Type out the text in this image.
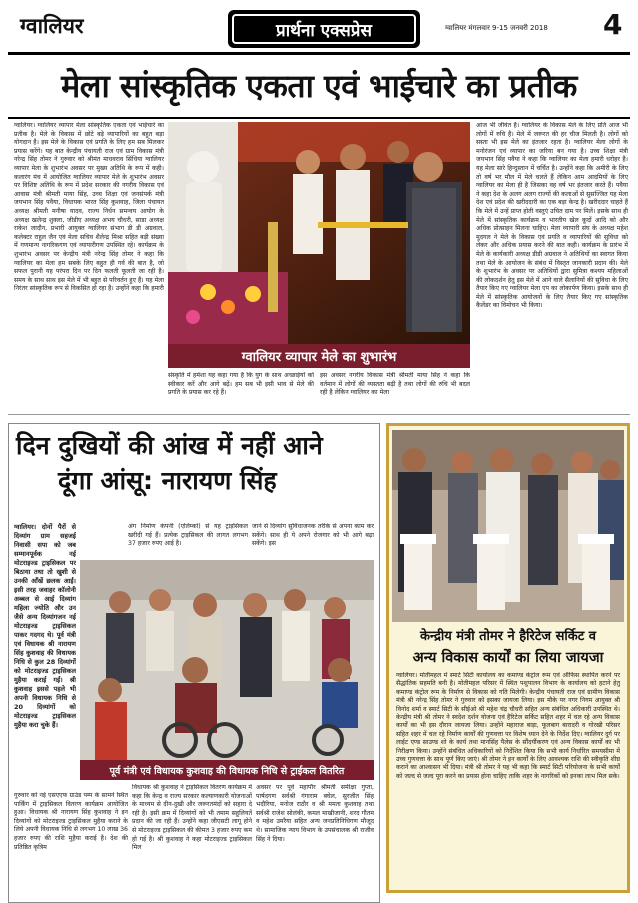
ग्वालियर	प्रार्थना एक्सप्रेस	ग्वालियर मंगलवार 9-15 जनवरी 2018 4
मेला सांस्कृतिक एकता एवं भाईचारे का प्रतीक
ग्वालियर। ग्वालियर व्यापार मेला सांस्कृतिक एकता एवं भाईचारे का प्रतीक है। मेले के विकास में छोटे बड़े व्यापारियों का बहुत बड़ा योगदान है। इस मेले के विकास एवं प्रगति के लिए हम सब मिलकर प्रयास करेंगे। यह बात केन्द्रीय पंचायती राज एवं ग्राम विकास मंत्री नरेन्द्र सिंह तोमर ने गुरुवार को श्रीमंत माधवराव सिंधिया ग्वालियर व्यापार मेला के शुभारंभ अवसर पर मुख्य अतिथि के रूप में कही। कलारंग मंच में आयोजित ग्वालियर व्यापार मेले के शुभारंभ अवसर पर विशिष्ट अतिथि के रूप में प्रदेश सरकार की नगरीय विकास एवं आवास मंत्री श्रीमती माया सिंह, उच्च शिक्षा एवं जनसंपर्क मंत्री जयभान सिंह पवैया, विधायक भारत सिंह कुशवाह, जिला पंचायत अध्यक्ष श्रीमती मनीषा यादव, राज्य निर्धन समन्वय आयोग के अध्यक्ष खलेन्द्र शुक्ला, जीडीए अध्यक्ष अभय चौधरी, साडा अध्यक्ष राकेश जादौन, प्रभारी आयुक्त ग्वालियर संभाग डी डी अग्रवाल, कलेक्टर राहुल जैन एवं मेला सचिव शैलेन्द्र मिश्रा सहित बड़ी संख्या में गणमान्य नागरिकगण एवं व्यापारीगण उपस्थित रहे। कार्यक्रम के शुभारंभ अवसर पर केन्द्रीय मंत्री नरेन्द्र सिंह तोमर ने कहा कि ग्वालियर का मेला हम सबके लिए बहुत ही गर्व की बात है, जो सफल पुरानी यह परंपरा दिन पर दिन फलती फूलती जा रही है। समय के साथ साथ इस मेले में भी बहुत से परिवर्तन हुए हैं। यह मेला निरंतर सांस्कृतिक रूप से विकसित हो रहा है। उन्होंने कहा कि हमारी
ग्वालियर व्यापार मेले का शुभारंभ
संस्कृति में हमेशा यह कहा गया है कि युग के साथ अच्छाईयों को स्वीकार करें और आगे बढ़ें। हम सब भी इसी भाव से मेले की प्रगति के प्रयास कर रहे हैं।
इस अवसर नगरीय विकास मंत्री श्रीमती माया सिंह ने कहा कि वर्तमान में लोगों की व्यस्तता बढ़ी है तथा लोगों की रुचि भी बदल रही है लेकिन ग्वालियर का मेला
आज भी जीवंत है। ग्वालियर के विकास मेले के लिए प्रति आज भी लोगों में रुचि है। मेले में जरूरत की हर चीज मिलती है। लोगों को सस्ता भी इस मेले का इंतजार रहता है। ग्वालियर मेला लोगों के मनोरंजन एवं व्यापार का जरिया बन गया है। उच्च शिक्षा मंत्री जयभान सिंह पवैया ने कहा कि ग्वालियर का मेला हमारी धरोहर है। यह मेला सारे हिन्दुस्तान में चर्चित है। उन्होंने कहा कि अमीरी के लिए तो वर्ष भर मौल में मेले चलते हैं लेकिन आम आदमियों के लिए ग्वालियर का मेला ही है जिसका वह वर्ष भर इंतजार करते हैं। पवैया ने कहा देश के अलग अलग राज्यों की कलाओं से सुसज्जित यह मेला देश एवं प्रदेश की खरीददारी का एक बड़ा केन्द्र है। खरीददार चाहते हैं कि मेले में उन्हें प्राप्त होती वस्तुएं उचित दाम पर मिलें। इसके साथ ही मेले में सांस्कृतिक कार्यक्रम व भारतीय खेल कूदों आदि को और अधिक प्रोत्साहन मिलना चाहिए। मेला व्यापारी संघ के अध्यक्ष महेश मुदगल ने मेले के विकास एवं प्रगति व व्यापारियों की सुविधा को लेकर और अधिक प्रयास करने की बात कही। कार्यक्रम के प्रारंभ में मेले के कार्यकारी अध्यक्ष डीडी अग्रवाल ने अतिथियों का स्वागत किया तथा मेले के आयोजन के संबंध में विस्तृत जानकारी प्रदान की। मेले के शुभारंभ के अवसर पर अतिथियों द्वारा सुमित्रा कश्यप महिलाओं की लोकदर्शन हेतु इस मेले में आने वाले सैलानियों की सुविधा के लिए तैयार किए गए ग्वालियर मेला एप का लोकार्पण किया। इसके साथ ही मेले में सांस्कृतिक आयोजनों के लिए तैयार किए गए सांस्कृतिक कैलेंडर का विमोचन भी किया।
दिन दुखियों की आंख में नहीं आने
दूंगा आंसू: नारायण सिंह
ग्वालियर। दोनों पैरों से दिव्यांग ग्राम सहजई निवासी सपा को जब सम्मानपूर्वक नई मोटराइज्ड ट्राइसिकल पर बिठाया तथा तो खुशी से उनकी आँखें छलक आईं। इसी तरह जवाहर कॉलोनी अब्बल से आई दिव्यांग महिला ज्योति और उन जैसे अन्य दिव्यांगजन नई मोटराइज्ड ट्राइसिकल पाकर गदगद थे। पूर्व मंत्री एवं विधायक श्री नारायण सिंह कुशवाह की विधायक निधि से कुल 28 दिव्यांगों को मोटराइज्ड ट्राइसिकल मुहैया कराई गईं। श्री कुशवाह इससे पहले भी अपनी विधायक निधि से 20 दिव्यांगों को मोटराइज्ड ट्राइसिकल मुहैया करा चुके हैं।
अंग निर्माण कंपनी (एलिम्को) से यह ट्राइसिकल खरीदी गई हैं। प्रत्येक ट्राइसिकल की लागत लगभग 37 हजार रुपए आई है।
जाने से दिव्यांग सुविधाजनक तरीके से अपना काम कर सकेंगे। साथ ही ये अपने रोजगार को भी आगे बढ़ा सकेंगे। इस
पूर्व मंत्री एवं विधायक कुशवाह की विधायक निधि से ट्राईकल वितरित
गुरुवार को नई एसएएफ ग्राउंड पम्प के सामने स्थित पार्किंग में ट्राइसिकल वितरण कार्यक्रम आयोजित हुआ। विधायक श्री नारायण सिंह कुशवाह ने इन दिव्यांगों को मोटराइज्ड ट्राइसिकल मुहैया कराने के लिये अपनी विधायक निधि से लगभग 10 लाख 36 हजार रुपए की राशि मुहैया कराई है। देश की प्रतिष्ठित कृत्रिम
विधायक श्री कुशवाह ने ट्राइसिकल वितरण कार्यक्रम में कहा कि केन्द्र व राज्य सरकार कल्याणकारी योजनाओं के माध्यम से दीन-दुखी और जरूरतमंदों को सहारा दे रही है। इसी क्रम में दिव्यांगों को भी तमाम सहूलियतें प्रदान की जा रही हैं। उन्होंने कहा जीएसटी लागू होने से मोटराइज्ड ट्राइसिकल की कीमत 3 हजार रुपए कम हो गई है। श्री कुशवाह ने कहा मोटराइज्ड ट्राइसिकल मिल
अवसर पर पूर्व महापौर श्रीमती समीक्षा गुप्ता, पार्षदगण सर्वश्री गंगाराम बघेल, सुरजीत सिंह भदौरिया, मनोज राठौर व श्री ममता कुशवाह तथा सर्वश्री राजेश सोलंकी, कमल माखीजानी, शरद गौतम व महेश उमरैया सहित अन्य जनप्रतिनिधिगण मौजूद थे। सामाजिक न्याय विभाग के उपसंचालक श्री राजीव सिंह ने दिया।
केन्द्रीय मंत्री तोमर ने हैरिटेज सर्किट व
अन्य विकास कार्यों का लिया जायजा
ग्वालियर। मोतीमहल में स्मार्ट सिटी कार्यालय का कमाण्ड कंट्रोल रूम एवं ऑफिस स्थापित करने पर सैद्धांतिक सहमति बनी है। मोतीमहल परिसर में स्थित पशुपालन विभाग के कार्यालय को हटाने हेतु कमाण्ड कंट्रोल रूम के निर्माण से विकास को गति मिलेगी। केन्द्रीय पंचायती राज एवं ग्रामीण विकास मंत्री श्री नरेन्द्र सिंह तोमर ने गुरुवार को इसका जायजा लिया। इस मौके पर नगर निगम आयुक्त श्री विनोद शर्मा व स्मार्ट सिटी के सीईओ श्री महेश चंद्र चौधरी सहित अन्य संबंधित अधिकारी उपस्थित थे। केन्द्रीय मंत्री श्री तोमर ने स्वदेश दर्शन योजना एवं हैरिटेज सर्किट सहित शहर में चल रहे अन्य विकास कार्यों का भी इस दौरान जायजा लिया। उन्होंने महाराज बाड़ा, फूलबाग बारादरी व गोरखी परिसर सहित शहर में चल रहे निर्माण कार्यों की गुणवत्ता पर विशेष ध्यान देने के निर्देश दिए। ग्वालियर दुर्ग पर लाईट एण्ड साउण्ड शो के कार्य तथा मानसिंह पैलेस के सौंदर्यीकरण एवं अन्य विकास कार्यों का भी निरीक्षण किया। उन्होंने संबंधित अधिकारियों को निर्देशित किया कि सभी कार्य निर्धारित समयसीमा में उच्च गुणवत्ता के साथ पूर्ण किए जाएं। श्री तोमर ने इन कार्यों के लिए आवश्यक राशि की स्वीकृति शीघ्र कराने का आश्वासन भी दिया। मंत्री श्री तोमर ने यह भी कहा कि स्मार्ट सिटी परियोजना के सभी कार्यों को जल्द से जल्द पूरा करने का प्रयास होना चाहिए ताकि शहर के नागरिकों को इनका लाभ मिल सके।
